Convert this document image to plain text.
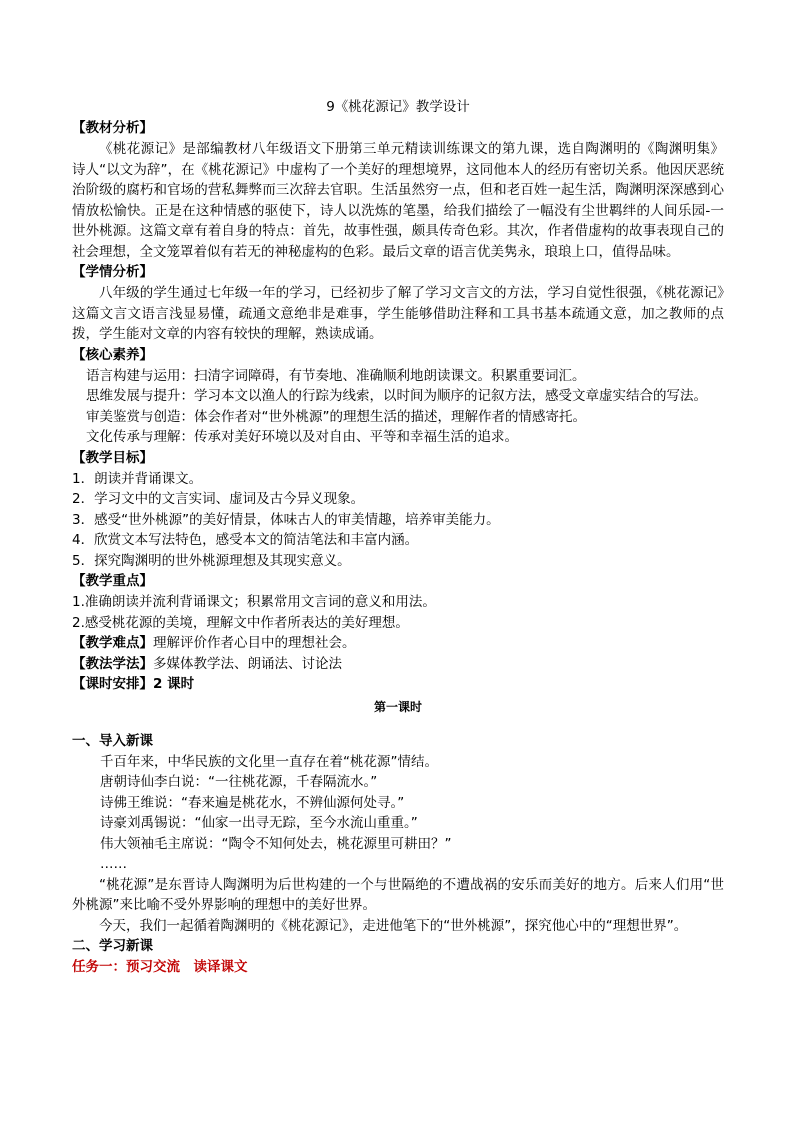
9《桃花源记》教学设计
【教材分析】
《桃花源记》是部编教材八年级语文下册第三单元精读训练课文的第九课，选自陶渊明的《陶渊明集》 诗人“以文为辞”，在《桃花源记》中虚构了一个美好的理想境界，这同他本人的经历有密切关系。他因厌恶统治阶级的腐朽和官场的营私舞弊而三次辞去官职。生活虽然穷一点，但和老百姓一起生活，陶渊明深深感到心情放松愉快。正是在这种情感的驱使下，诗人以洗炼的笔墨，给我们描绘了一幅没有尘世羁绊的人间乐园-一世外桃源。这篇文章有着自身的特点：首先，故事性强，颇具传奇色彩。其次，作者借虚构的故事表现自己的社会理想，全文笼罩着似有若无的神秘虚构的色彩。最后文章的语言优美隽永，琅琅上口，值得品味。
【学情分析】
八年级的学生通过七年级一年的学习，已经初步了解了学习文言文的方法，学习自觉性很强，《桃花源记》这篇文言文语言浅显易懂，疏通文意绝非是难事，学生能够借助注释和工具书基本疏通文意，加之教师的点拨，学生能对文章的内容有较快的理解，熟读成诵。
【核心素养】
语言构建与运用：扫清字词障碍，有节奏地、准确顺利地朗读课文。积累重要词汇。
思维发展与提升：学习本文以渔人的行踪为线索，以时间为顺序的记叙方法，感受文章虚实结合的写法。
审美鉴赏与创造：体会作者对“世外桃源”的理想生活的描述，理解作者的情感寄托。
文化传承与理解：传承对美好环境以及对自由、平等和幸福生活的追求。
【教学目标】
1．朗读并背诵课文。
2．学习文中的文言实词、虚词及古今异义现象。
3．感受“世外桃源”的美好情景，体味古人的审美情趣，培养审美能力。
4．欣赏文本写法特色，感受本文的简洁笔法和丰富内涵。
5．探究陶渊明的世外桃源理想及其现实意义。
【教学重点】
1.准确朗读并流利背诵课文；积累常用文言词的意义和用法。
2.感受桃花源的美境，理解文中作者所表达的美好理想。
【教学难点】理解评价作者心目中的理想社会。
【教法学法】多媒体教学法、朗诵法、讨论法
【课时安排】2 课时
第一课时
一、导入新课
千百年来，中华民族的文化里一直存在着“桃花源”情结。
唐朝诗仙李白说：“一往桃花源，千春隔流水。”
诗佛王维说：“春来遍是桃花水，不辨仙源何处寻。”
诗豪刘禹锡说：“仙家一出寻无踪，至今水流山重重。”
伟大领袖毛主席说：“陶令不知何处去，桃花源里可耕田？”
……
“桃花源”是东晋诗人陶渊明为后世构建的一个与世隔绝的不遭战祸的安乐而美好的地方。后来人们用“世外桃源”来比喻不受外界影响的理想中的美好世界。
今天，我们一起循着陶渊明的《桃花源记》，走进他笔下的“世外桃源”，探究他心中的“理想世界”。
二、学习新课
任务一：预习交流　读译课文
